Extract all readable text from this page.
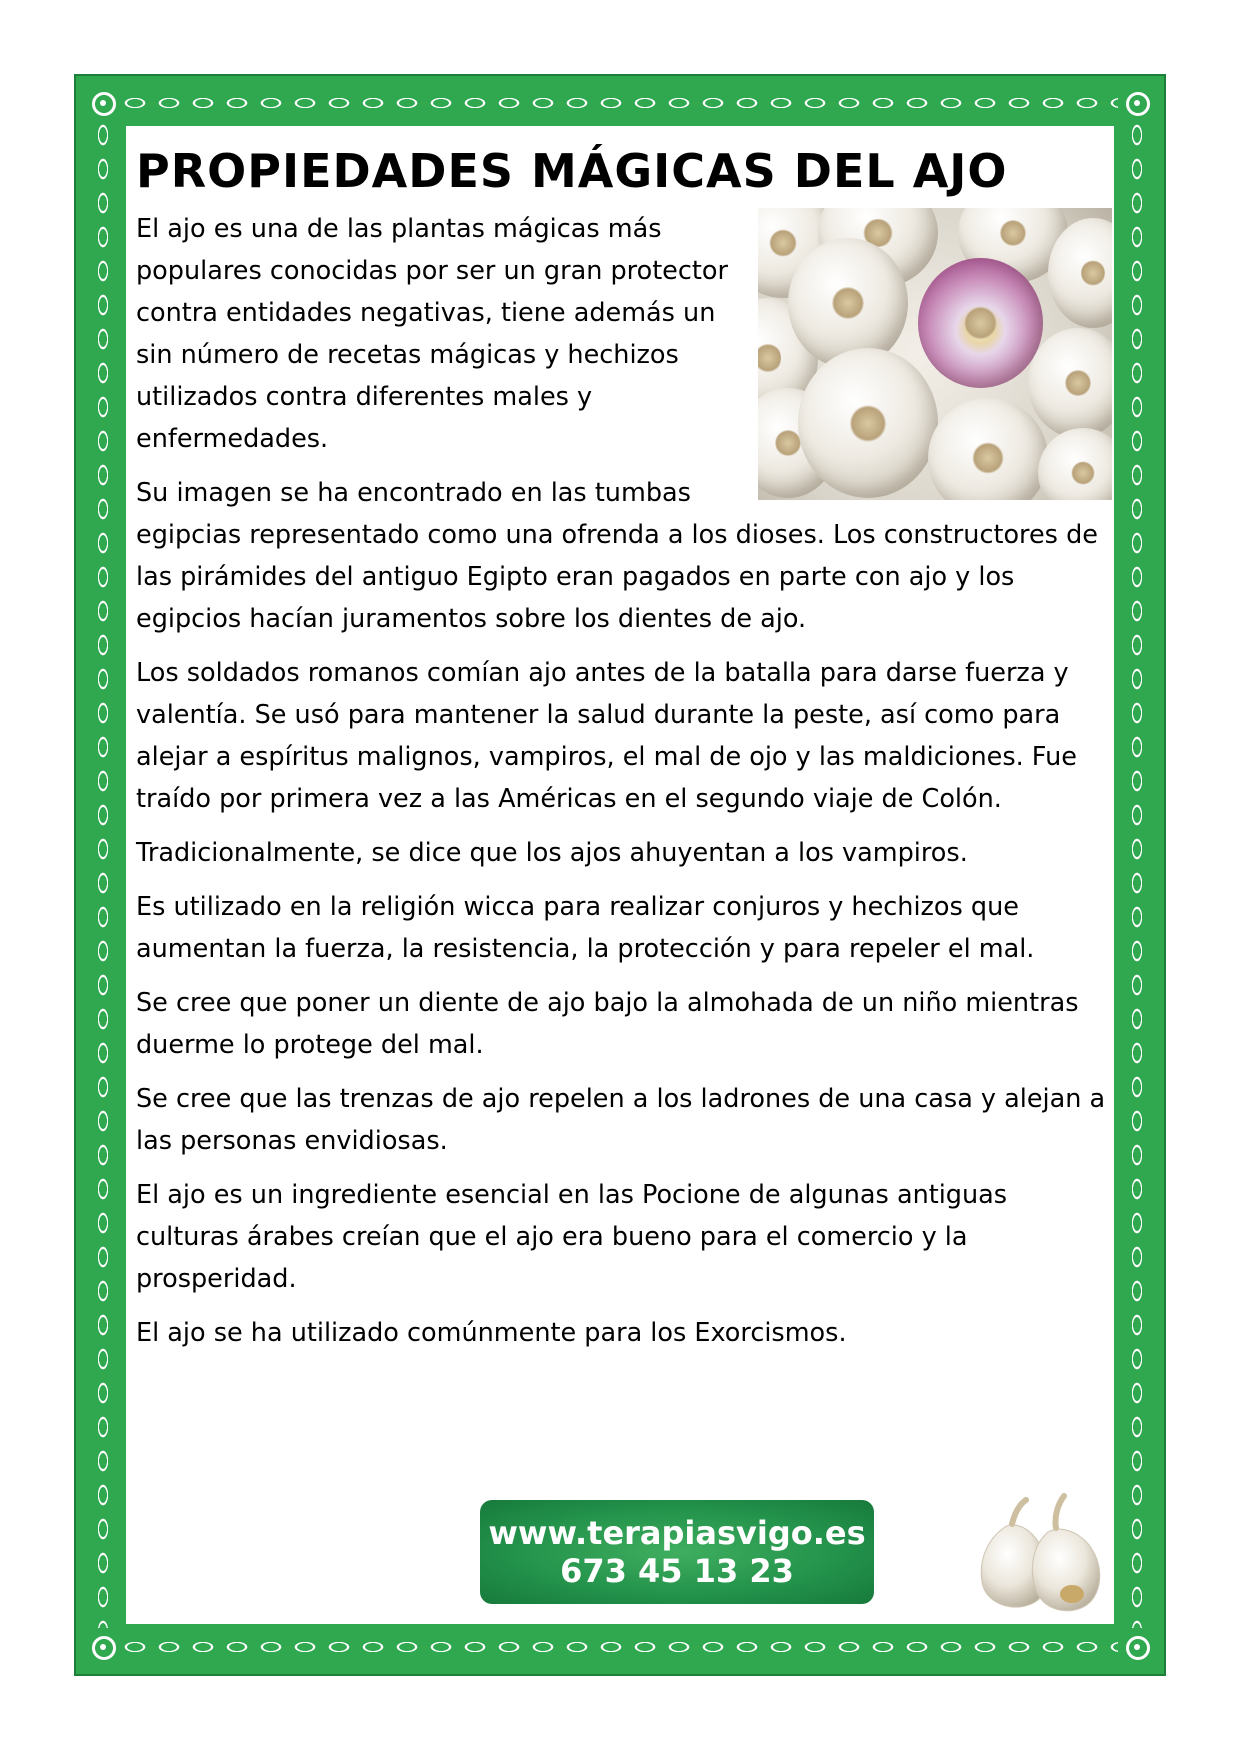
PROPIEDADES MÁGICAS DEL AJO

El ajo es una de las plantas mágicas más populares conocidas por ser un gran protector contra entidades negativas, tiene además un sin número de recetas mágicas y hechizos utilizados contra diferentes males y enfermedades.

Su imagen se ha encontrado en las tumbas egipcias representado como una ofrenda a los dioses. Los constructores de las pirámides del antiguo Egipto eran pagados en parte con ajo y los egipcios hacían juramentos sobre los dientes de ajo.

Los soldados romanos comían ajo antes de la batalla para darse fuerza y valentía. Se usó para mantener la salud durante la peste, así como para alejar a espíritus malignos, vampiros, el mal de ojo y las maldiciones. Fue traído por primera vez a las Américas en el segundo viaje de Colón.

Tradicionalmente, se dice que los ajos ahuyentan a los vampiros.

Es utilizado en la religión wicca para realizar conjuros y hechizos que aumentan la fuerza, la resistencia, la protección y para repeler el mal.

Se cree que poner un diente de ajo bajo la almohada de un niño mientras duerme lo protege del mal.

Se cree que las trenzas de ajo repelen a los ladrones de una casa y alejan a las personas envidiosas.

El ajo es un ingrediente esencial en las Pocione de algunas antiguas culturas árabes creían que el ajo era bueno para el comercio y la prosperidad.

El ajo se ha utilizado comúnmente para los Exorcismos.

www.terapiasvigo.es
673 45 13 23
